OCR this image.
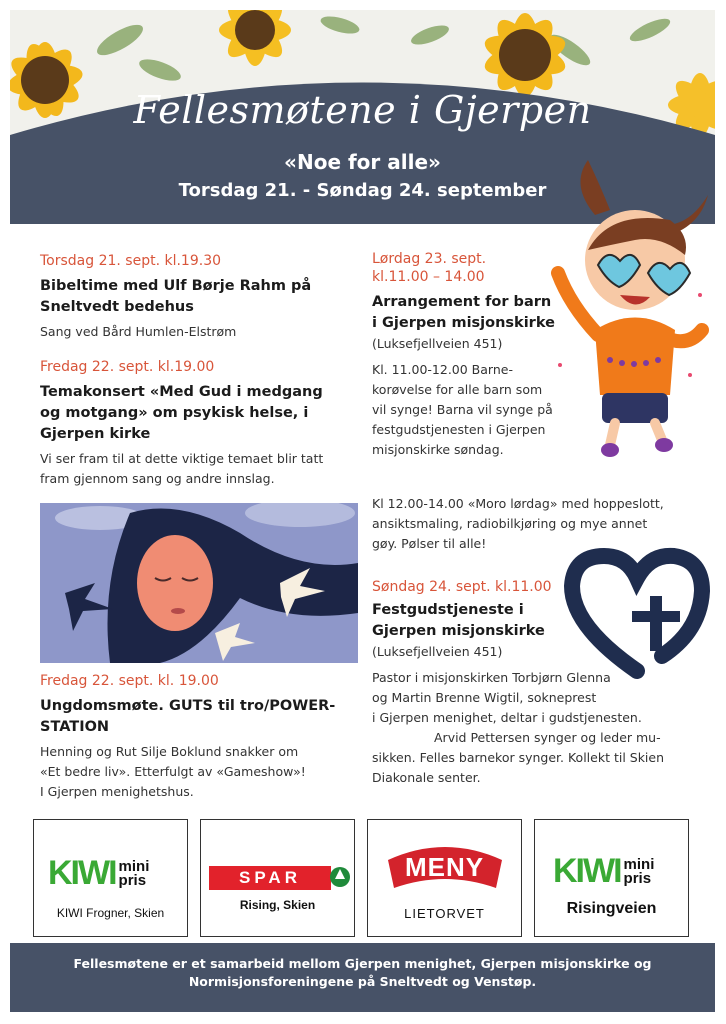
Fellesmøtene i Gjerpen
«Noe for alle»
Torsdag 21. - Søndag 24. september
Torsdag 21. sept. kl.19.30
Bibeltime med Ulf Børje Rahm på
Sneltvedt bedehus
Sang ved Bård Humlen-Elstrøm
Fredag 22. sept. kl.19.00
Temakonsert «Med Gud i medgang
og motgang» om psykisk helse, i
Gjerpen kirke
Vi ser fram til at dette viktige temaet blir tatt
fram gjennom sang og andre innslag.
Fredag 22. sept. kl. 19.00
Ungdomsmøte. GUTS til tro/POWER-
STATION
Henning og Rut Silje Boklund snakker om
«Et bedre liv». Etterfulgt av «Gameshow»!
I Gjerpen menighetshus.
Lørdag 23. sept.
kl.11.00 – 14.00
Arrangement for barn
i Gjerpen misjonskirke
(Luksefjellveien 451)
Kl. 11.00-12.00 Barne-
korøvelse for alle barn som
vil synge! Barna vil synge på
festgudstjenesten i Gjerpen
misjonskirke søndag.
Kl 12.00-14.00 «Moro lørdag» med hoppeslott,
ansiktsmaling, radiobilkjøring og mye annet
gøy. Pølser til alle!
Søndag 24. sept. kl.11.00
Festgudstjeneste i
Gjerpen misjonskirke
(Luksefjellveien 451)
Pastor i misjonskirken Torbjørn Glenna
og Martin Brenne Wigtil, sokneprest
i Gjerpen menighet, deltar i gudstjenesten.
Arvid Pettersen synger og leder mu-
sikken. Felles barnekor synger. Kollekt til Skien
Diakonale senter.
KIWI mini
pris
KIWI Frogner, Skien
SPAR
Rising, Skien
MENY
LIETORVET
KIWI mini
pris
Risingveien
Fellesmøtene er et samarbeid mellom Gjerpen menighet, Gjerpen misjonskirke og
Normisjonsforeningene på Sneltvedt og Venstøp.
